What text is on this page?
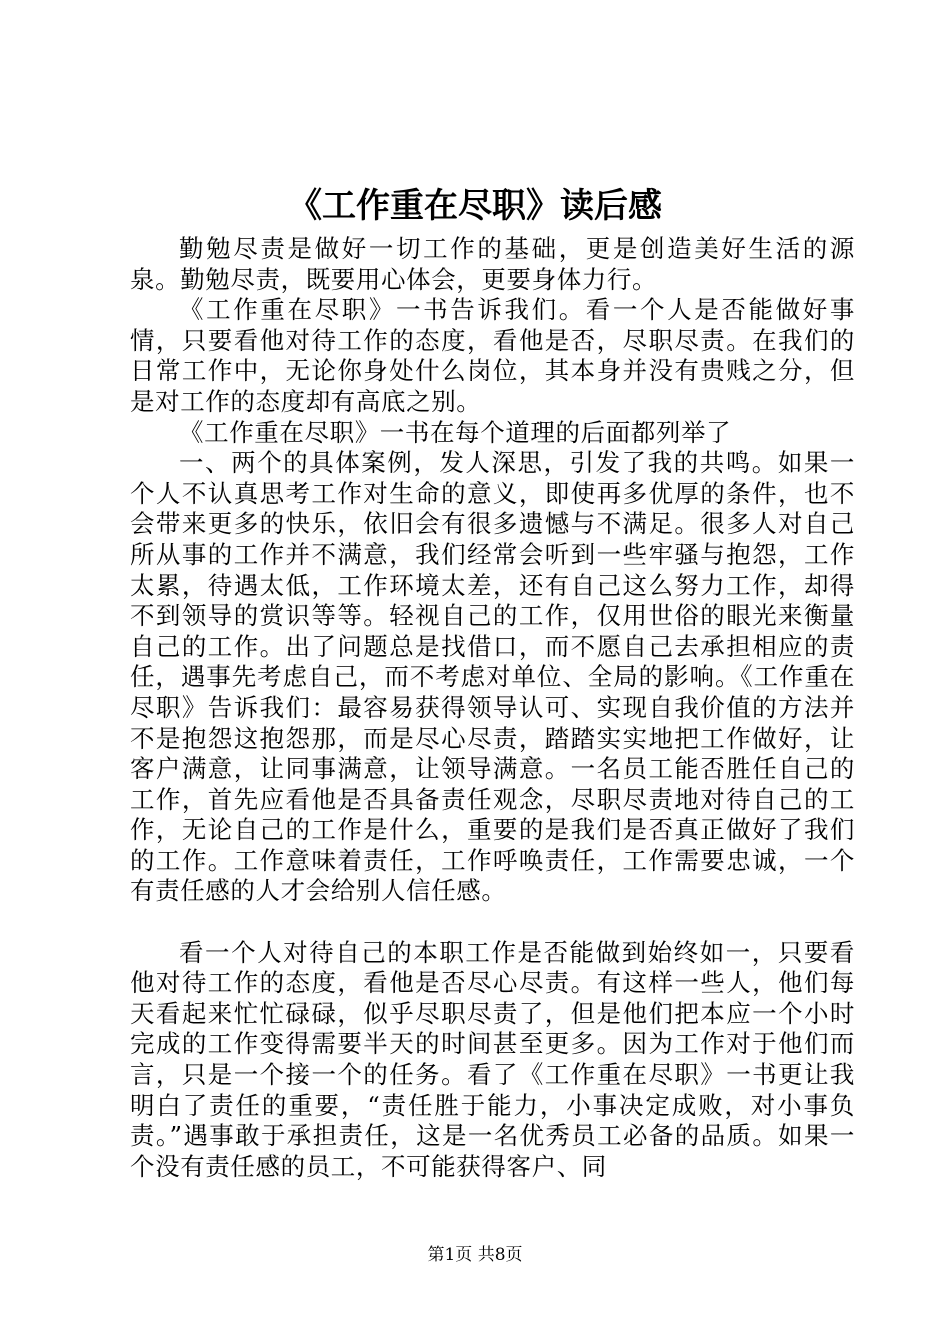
《工作重在尽职》读后感

勤勉尽责是做好一切工作的基础，更是创造美好生活的源泉。勤勉尽责，既要用心体会，更要身体力行。

《工作重在尽职》一书告诉我们。看一个人是否能做好事情，只要看他对待工作的态度，看他是否，尽职尽责。在我们的日常工作中，无论你身处什么岗位，其本身并没有贵贱之分，但是对工作的态度却有高底之别。

《工作重在尽职》一书在每个道理的后面都列举了

一、两个的具体案例，发人深思，引发了我的共鸣。如果一个人不认真思考工作对生命的意义，即使再多优厚的条件，也不会带来更多的快乐，依旧会有很多遗憾与不满足。很多人对自己所从事的工作并不满意，我们经常会听到一些牢骚与抱怨，工作太累，待遇太低，工作环境太差，还有自己这么努力工作，却得不到领导的赏识等等。轻视自己的工作，仅用世俗的眼光来衡量自己的工作。出了问题总是找借口，而不愿自己去承担相应的责任，遇事先考虑自己，而不考虑对单位、全局的影响。《工作重在尽职》告诉我们：最容易获得领导认可、实现自我价值的方法并不是抱怨这抱怨那，而是尽心尽责，踏踏实实地把工作做好，让客户满意，让同事满意，让领导满意。一名员工能否胜任自己的工作，首先应看他是否具备责任观念，尽职尽责地对待自己的工作，无论自己的工作是什么，重要的是我们是否真正做好了我们的工作。工作意味着责任，工作呼唤责任，工作需要忠诚，一个有责任感的人才会给别人信任感。

看一个人对待自己的本职工作是否能做到始终如一，只要看他对待工作的态度，看他是否尽心尽责。有这样一些人，他们每天看起来忙忙碌碌，似乎尽职尽责了，但是他们把本应一个小时完成的工作变得需要半天的时间甚至更多。因为工作对于他们而言，只是一个接一个的任务。看了《工作重在尽职》一书更让我明白了责任的重要，“责任胜于能力，小事决定成败，对小事负责。”遇事敢于承担责任，这是一名优秀员工必备的品质。如果一个没有责任感的员工，不可能获得客户、同

第1页 共8页
